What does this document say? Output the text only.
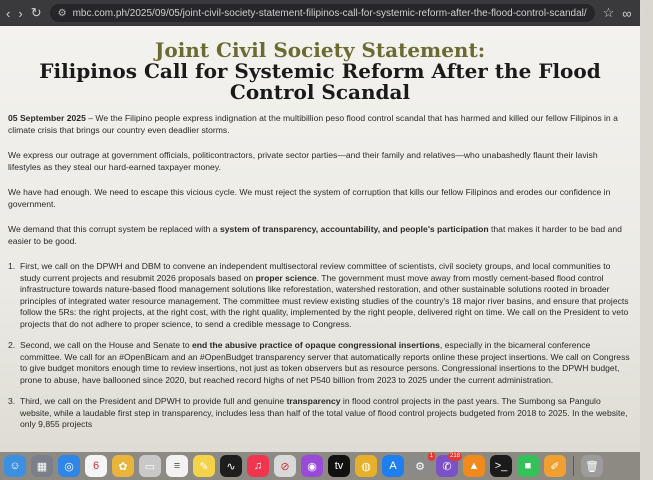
‹ › ↻ ⚙ mbc.com.ph/2025/09/05/joint-civil-society-statement-filipinos-call-for-systemic-reform-after-the-flood-control-scandal/ ☆ ∞ ⋮
Joint Civil Society Statement:
Filipinos Call for Systemic Reform After the Flood Control Scandal

05 September 2025 – We the Filipino people express indignation at the multibillion peso flood control scandal that has harmed and killed our fellow Filipinos in a climate crisis that brings our country even deadlier storms.

We express our outrage at government officials, politicontractors, private sector parties—and their family and relatives—who unabashedly flaunt their lavish lifestyles as they steal our hard-earned taxpayer money.

We have had enough. We need to escape this vicious cycle. We must reject the system of corruption that kills our fellow Filipinos and erodes our confidence in government.

We demand that this corrupt system be replaced with a system of transparency, accountability, and people's participation that makes it harder to be bad and easier to be good.

1. First, we call on the DPWH and DBM to convene an independent multisectoral review committee of scientists, civil society groups, and local communities to study current projects and resubmit 2026 proposals based on proper science. The government must move away from mostly cement-based flood control infrastructure towards nature-based flood management solutions like reforestation, watershed restoration, and other sustainable solutions rooted in broader principles of integrated water resource management. The committee must review existing studies of the country's 18 major river basins, and ensure that projects follow the 5Rs: the right projects, at the right cost, with the right quality, implemented by the right people, delivered right on time. We call on the President to veto projects that do not adhere to proper science, to send a credible message to Congress.
2. Second, we call on the House and Senate to end the abusive practice of opaque congressional insertions, especially in the bicameral conference committee. We call for an #OpenBicam and an #OpenBudget transparency server that automatically reports online these project insertions. We call on Congress to give budget monitors enough time to review insertions, not just as token observers but as resource persons. Congressional insertions to the DPWH budget, prone to abuse, have ballooned since 2020, but reached record highs of net P540 billion from 2023 to 2025 under the current administration.
3. Third, we call on the President and DPWH to provide full and genuine transparency in flood control projects in the past years. The Sumbong sa Pangulo website, while a laudable first step in transparency, includes less than half of the total value of flood control projects budgeted from 2018 to 2025. In the website, only 9,855 projects
☺ ▦ ◎ 6 ✿ ▭ ≡ ✎ ∿ ♫ ⊘ ◉ tv ◍ A ⚙
1
✆
218
▲ >_ ■ ✐ 🗑
